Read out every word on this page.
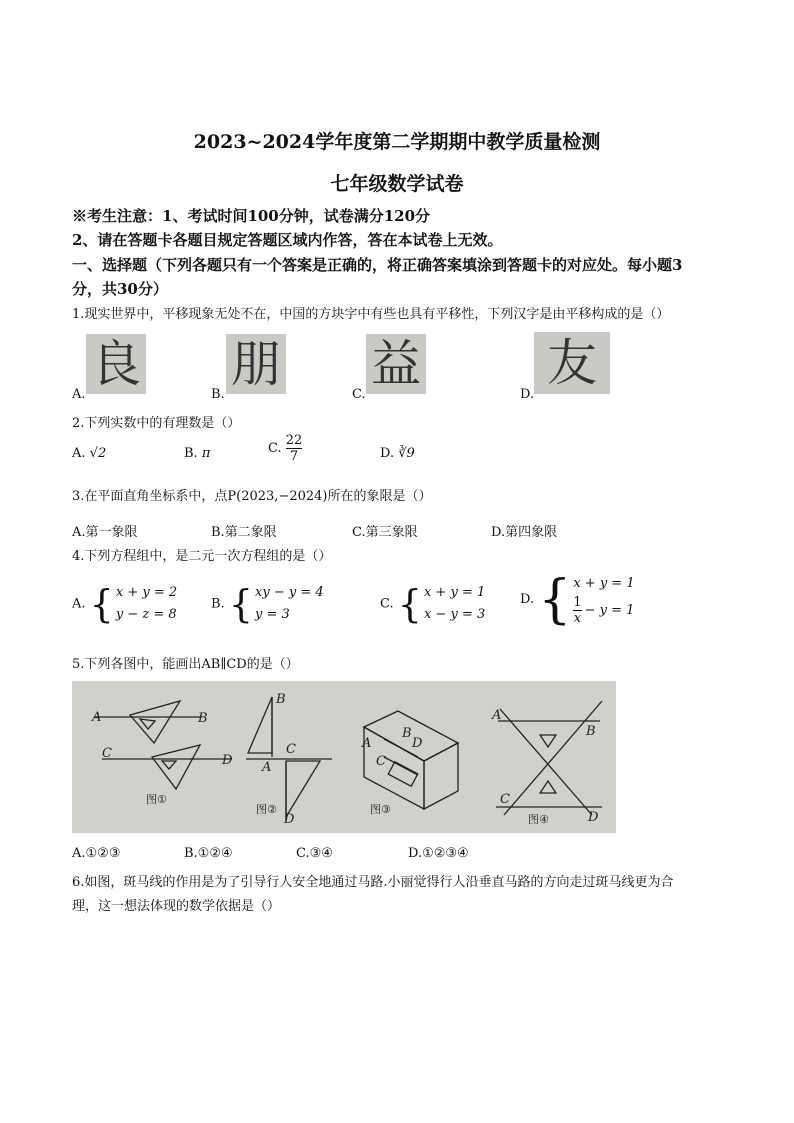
2023~2024学年度第二学期期中教学质量检测
七年级数学试卷
※考生注意：1、考试时间100分钟，试卷满分120分
2、请在答题卡各题目规定答题区域内作答，答在本试卷上无效。
一、选择题（下列各题只有一个答案是正确的，将正确答案填涂到答题卡的对应处。每小题3
分，共30分）
1.现实世界中，平移现象无处不在，中国的方块字中有些也具有平移性，下列汉字是由平移构成的是（）
A.
良
B.
朋
C.
益
D.
友
2.下列实数中的有理数是（）
A. √2	B. π	C. $\frac{22}{7}$	D. ∛9
3.在平面直角坐标系中，点P(2023,−2024)所在的象限是（）
A.第一象限	B.第二象限	C.第三象限	D.第四象限
4.下列方程组中，是二元一次方程组的是（）
A. { x + y = 2
y − z = 8
B. { xy − y = 4
y = 3
C. { x + y = 1
x − y = 3
D. { x + y = 1
$\frac{1}{x} - y = 1$
5.下列各图中，能画出AB∥CD的是（）
A	B
C	D
B
A
C
D
A
B
C
D
A
B
C
D
图①
图②	图③
图④
A.①②③	B.①②④	C.③④	D.①②③④
6.如图，斑马线的作用是为了引导行人安全地通过马路.小丽觉得行人沿垂直马路的方向走过斑马线更为合
理，这一想法体现的数学依据是（）
